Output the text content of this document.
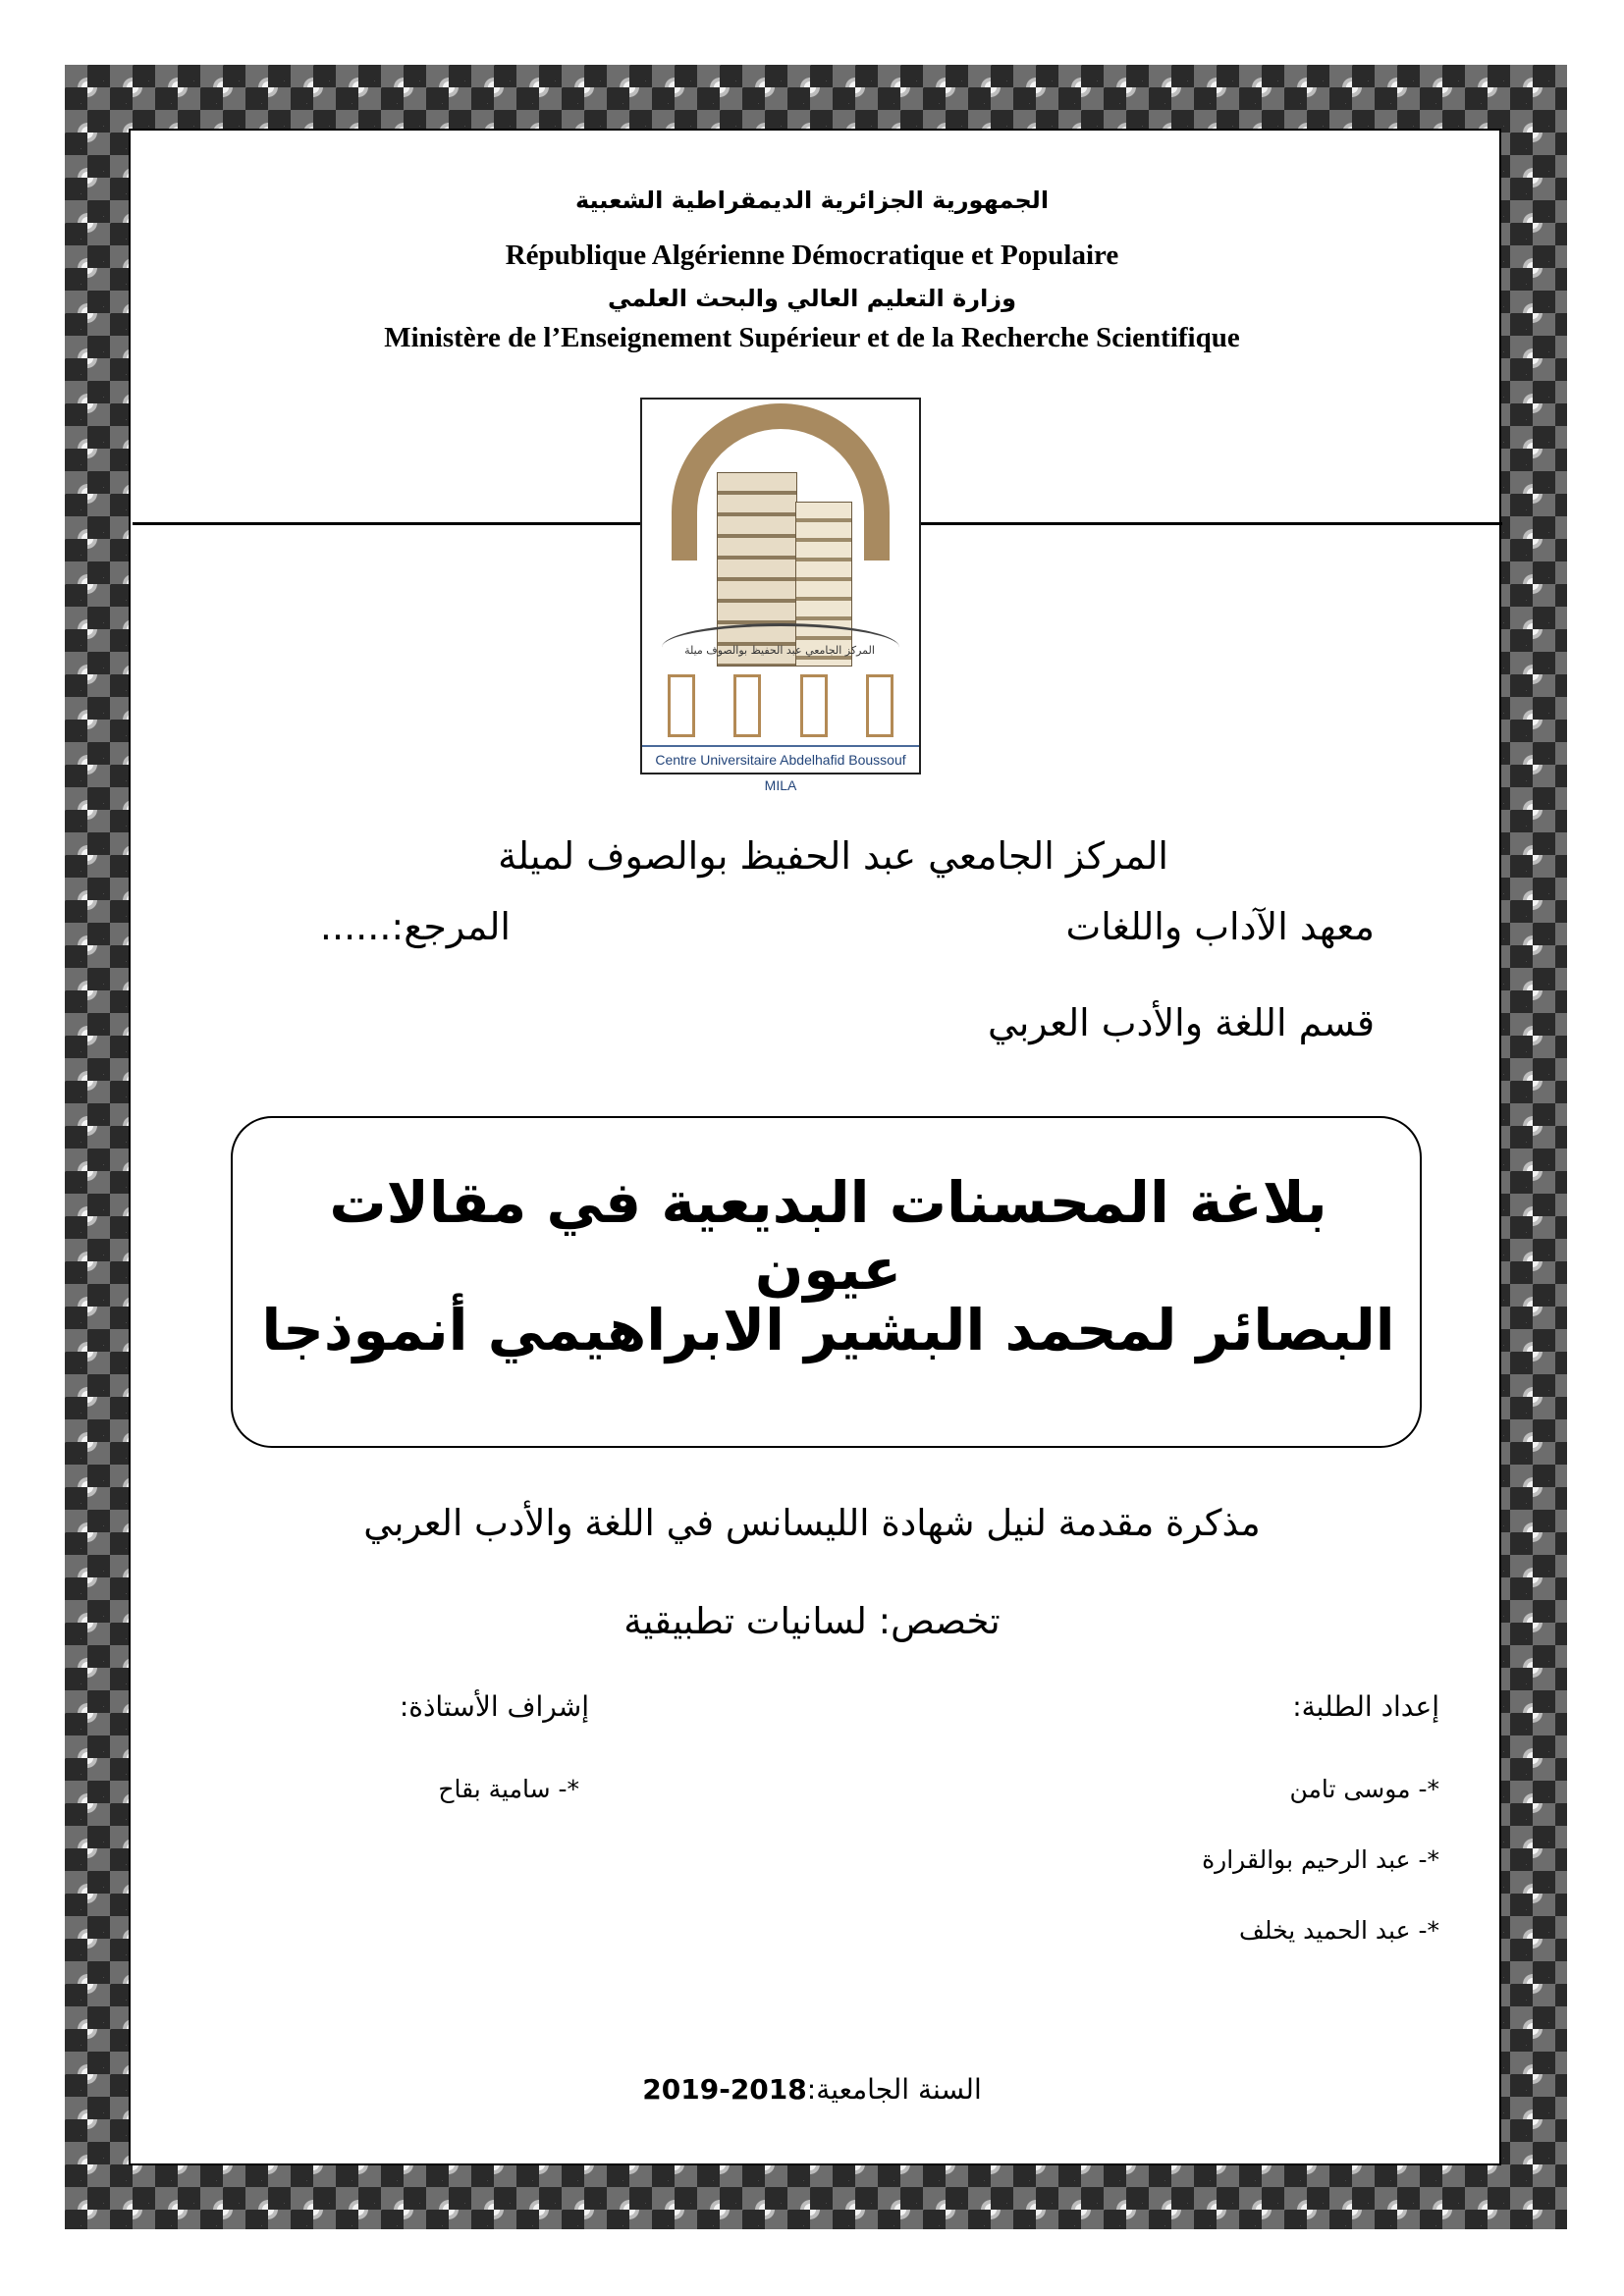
الجمهورية الجزائرية الديمقراطية الشعبية
République Algérienne Démocratique et Populaire
وزارة التعليم العالي والبحث العلمي
Ministère de l’Enseignement Supérieur et de la Recherche Scientifique
المركز الجامعي عبد الحفيظ بوالصوف ميلة
Centre Universitaire Abdelhafid Boussouf MILA
المركز الجامعي عبد الحفيظ بوالصوف لميلة
معهد الآداب واللغات
المرجع:......
قسم اللغة والأدب العربي
بلاغة المحسنات البديعية في مقالات عيون
البصائر لمحمد البشير الابراهيمي أنموذجا
مذكرة مقدمة لنيل شهادة الليسانس في اللغة والأدب العربي
تخصص: لسانيات تطبيقية
إعداد الطلبة:
إشراف الأستاذة:
*- موسى تامن
*- عبد الرحيم بوالقرارة
*- عبد الحميد يخلف
*- سامية بقاح
السنة الجامعية:2018-2019
